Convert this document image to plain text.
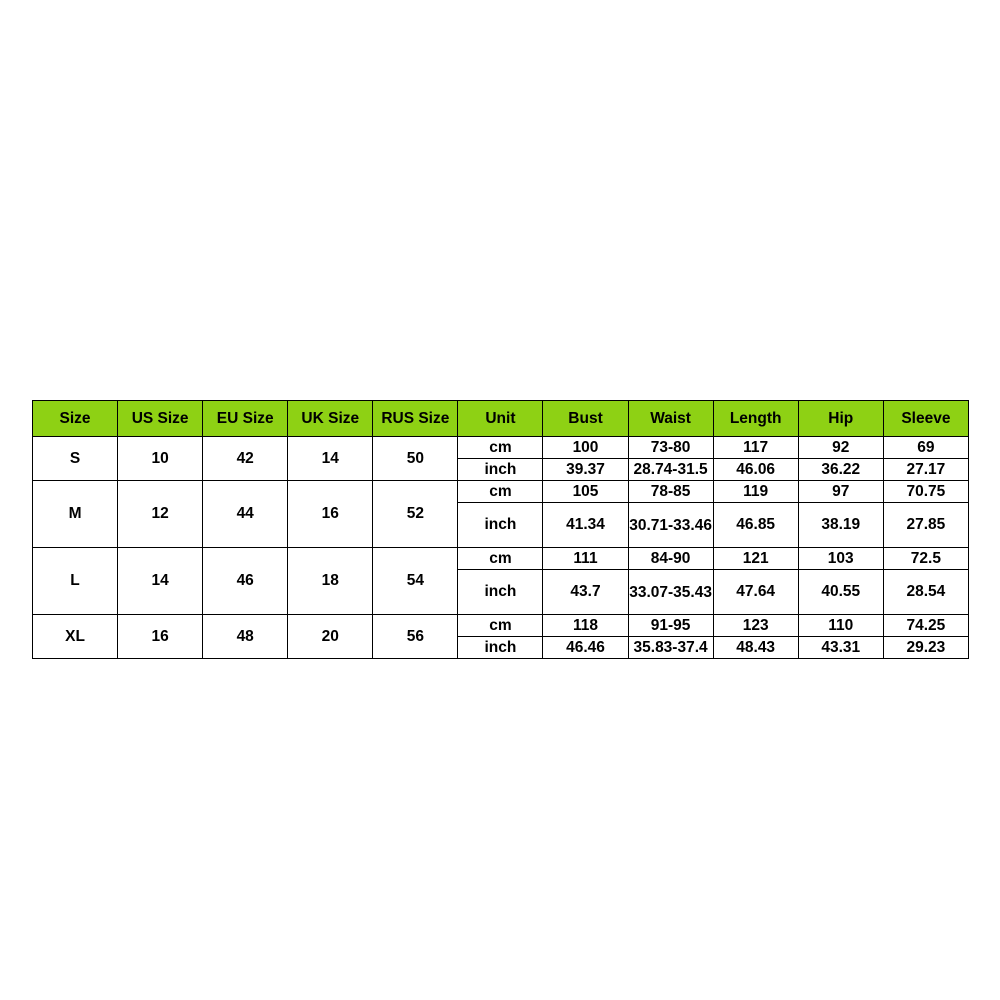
Size	US Size	EU Size	UK Size	RUS Size	Unit	Bust	Waist	Length	Hip	Sleeve
S	10	42	14	50	cm	100	73-80	117	92	69
					inch	39.37	28.74-31.5	46.06	36.22	27.17
M	12	44	16	52	cm	105	78-85	119	97	70.75
					inch	41.34	30.71-33.46	46.85	38.19	27.85
L	14	46	18	54	cm	111	84-90	121	103	72.5
					inch	43.7	33.07-35.43	47.64	40.55	28.54
XL	16	48	20	56	cm	118	91-95	123	110	74.25
					inch	46.46	35.83-37.4	48.43	43.31	29.23
